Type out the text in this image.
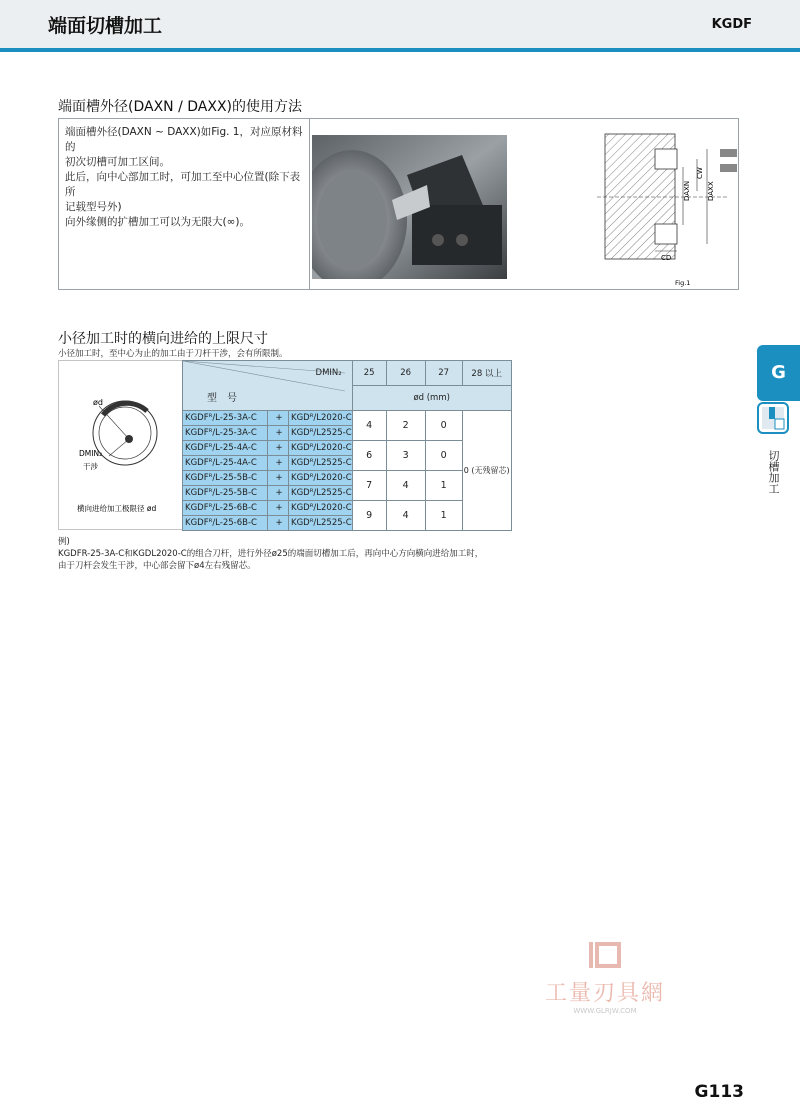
端面切槽加工	KGDF
端面槽外径(DAXN / DAXX)的使用方法
端面槽外径(DAXN ~ DAXX)如Fig. 1，对应原材料的
初次切槽可加工区间。
此后，向中心部加工时，可加工至中心位置(除下表所
记载型号外)
向外缘侧的扩槽加工可以为无限大(∞)。
DAXN DAXX
CW
CD
Fig.1
小径加工时的横向进给的上限尺寸
小径加工时，至中心为止的加工由于刀杆干涉，会有所限制。
ød
DMIN₂
干涉
横向进给加工极限径 ød
DMIN₂
型　号			25	26	27	28 以上
			ød (mm)			
KGDFᴿ/L-25-3A-C	+	KGDᴿ/L2020-C	4	2	0	0 (无残留芯)
KGDFᴿ/L-25-3A-C	+	KGDᴿ/L2525-C				
KGDFᴿ/L-25-4A-C	+	KGDᴿ/L2020-C	6	3	0	
KGDFᴿ/L-25-4A-C	+	KGDᴿ/L2525-C				
KGDFᴿ/L-25-5B-C	+	KGDᴿ/L2020-C	7	4	1	
KGDFᴿ/L-25-5B-C	+	KGDᴿ/L2525-C				
KGDFᴿ/L-25-6B-C	+	KGDᴿ/L2020-C	9	4	1	
KGDFᴿ/L-25-6B-C	+	KGDᴿ/L2525-C				
例)
KGDFR-25-3A-C和KGDL2020-C的组合刀杆，进行外径ø25的端面切槽加工后，再向中心方向横向进给加工时，
由于刀杆会发生干涉，中心部会留下ø4左右残留芯。
G
切槽加工
工量刃具網
WWW.GLRJW.COM
G113
